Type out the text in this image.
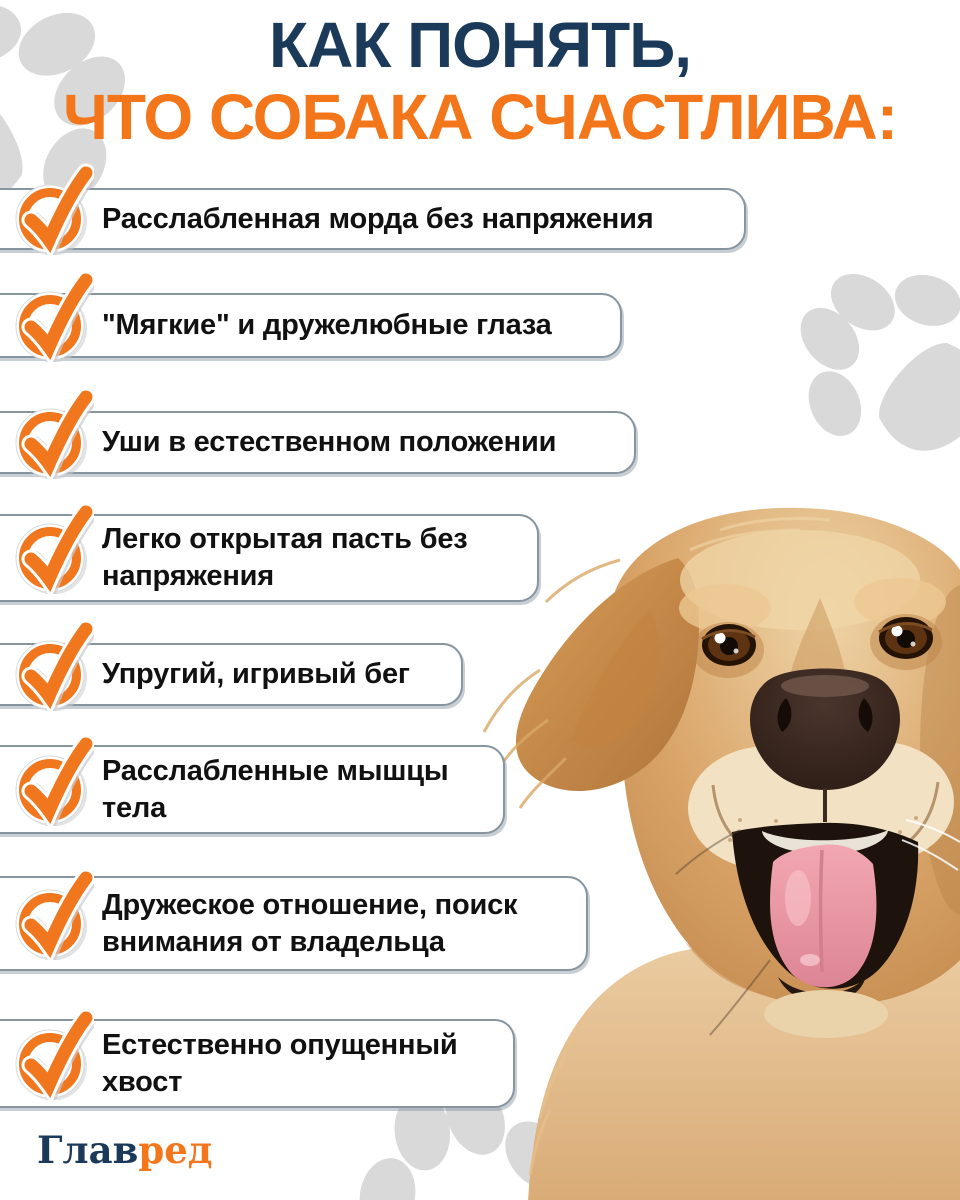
КАК ПОНЯТЬ,
ЧТО СОБАКА СЧАСТЛИВА:
Расслабленная морда без напряжения
"Мягкие" и дружелюбные глаза
Уши в естественном положении
Легко открытая пасть без напряжения
Упругий, игривый бег
Расслабленные мышцы тела
Дружеское отношение, поиск внимания от владельца
Естественно опущенный хвост
Главред
